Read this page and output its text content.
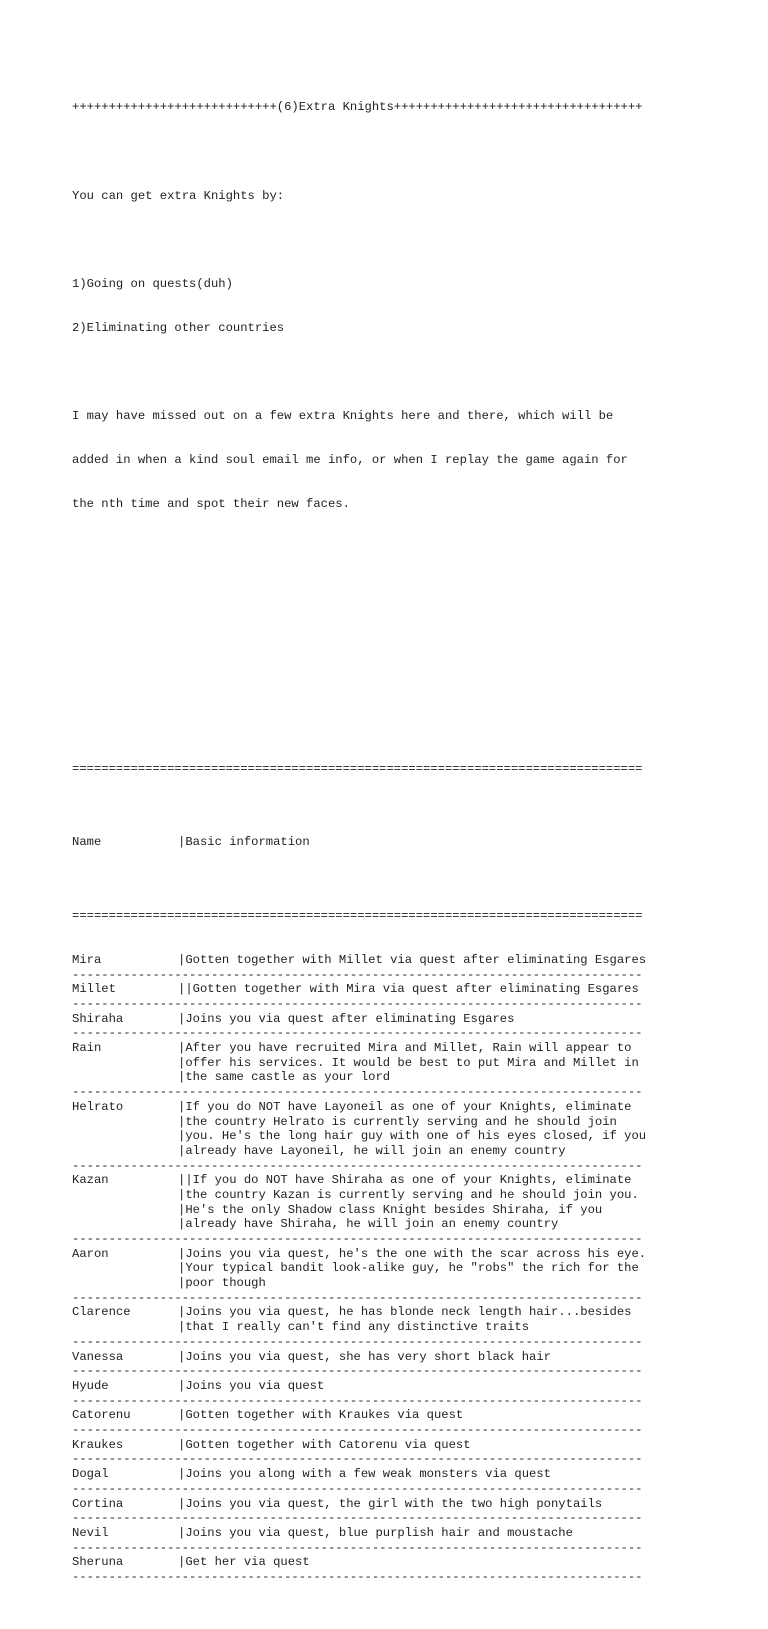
++++++++++++++++++++++++++++(6)Extra Knights++++++++++++++++++++++++++++++++++

You can get extra Knights by:

1)Going on quests(duh)

2)Eliminating other countries

I may have missed out on a few extra Knights here and there, which will be

added in when a kind soul email me info, or when I replay the game again for

the nth time and spot their new faces.

==============================================================================

Name	|Basic information

==============================================================================

Mira	|Gotten together with Millet via quest after eliminating Esgares
------------------------------------------------------------------------------
Millet	||Gotten together with Mira via quest after eliminating Esgares
------------------------------------------------------------------------------
Shiraha	|Joins you via quest after eliminating Esgares
------------------------------------------------------------------------------
Rain	|After you have recruited Mira and Millet, Rain will appear to
|offer his services. It would be best to put Mira and Millet in
|the same castle as your lord
------------------------------------------------------------------------------
Helrato	|If you do NOT have Layoneil as one of your Knights, eliminate
|the country Helrato is currently serving and he should join
|you. He's the long hair guy with one of his eyes closed, if you
|already have Layoneil, he will join an enemy country
------------------------------------------------------------------------------
Kazan	||If you do NOT have Shiraha as one of your Knights, eliminate
|the country Kazan is currently serving and he should join you.
|He's the only Shadow class Knight besides Shiraha, if you
|already have Shiraha, he will join an enemy country
------------------------------------------------------------------------------
Aaron	|Joins you via quest, he's the one with the scar across his eye.
|Your typical bandit look-alike guy, he "robs" the rich for the
|poor though
------------------------------------------------------------------------------
Clarence	|Joins you via quest, he has blonde neck length hair...besides
|that I really can't find any distinctive traits
------------------------------------------------------------------------------
Vanessa	|Joins you via quest, she has very short black hair
------------------------------------------------------------------------------
Hyude	|Joins you via quest
------------------------------------------------------------------------------
Catorenu	|Gotten together with Kraukes via quest
------------------------------------------------------------------------------
Kraukes	|Gotten together with Catorenu via quest
------------------------------------------------------------------------------
Dogal	|Joins you along with a few weak monsters via quest
------------------------------------------------------------------------------
Cortina	|Joins you via quest, the girl with the two high ponytails
------------------------------------------------------------------------------
Nevil	|Joins you via quest, blue purplish hair and moustache
------------------------------------------------------------------------------
Sheruna	|Get her via quest
------------------------------------------------------------------------------
